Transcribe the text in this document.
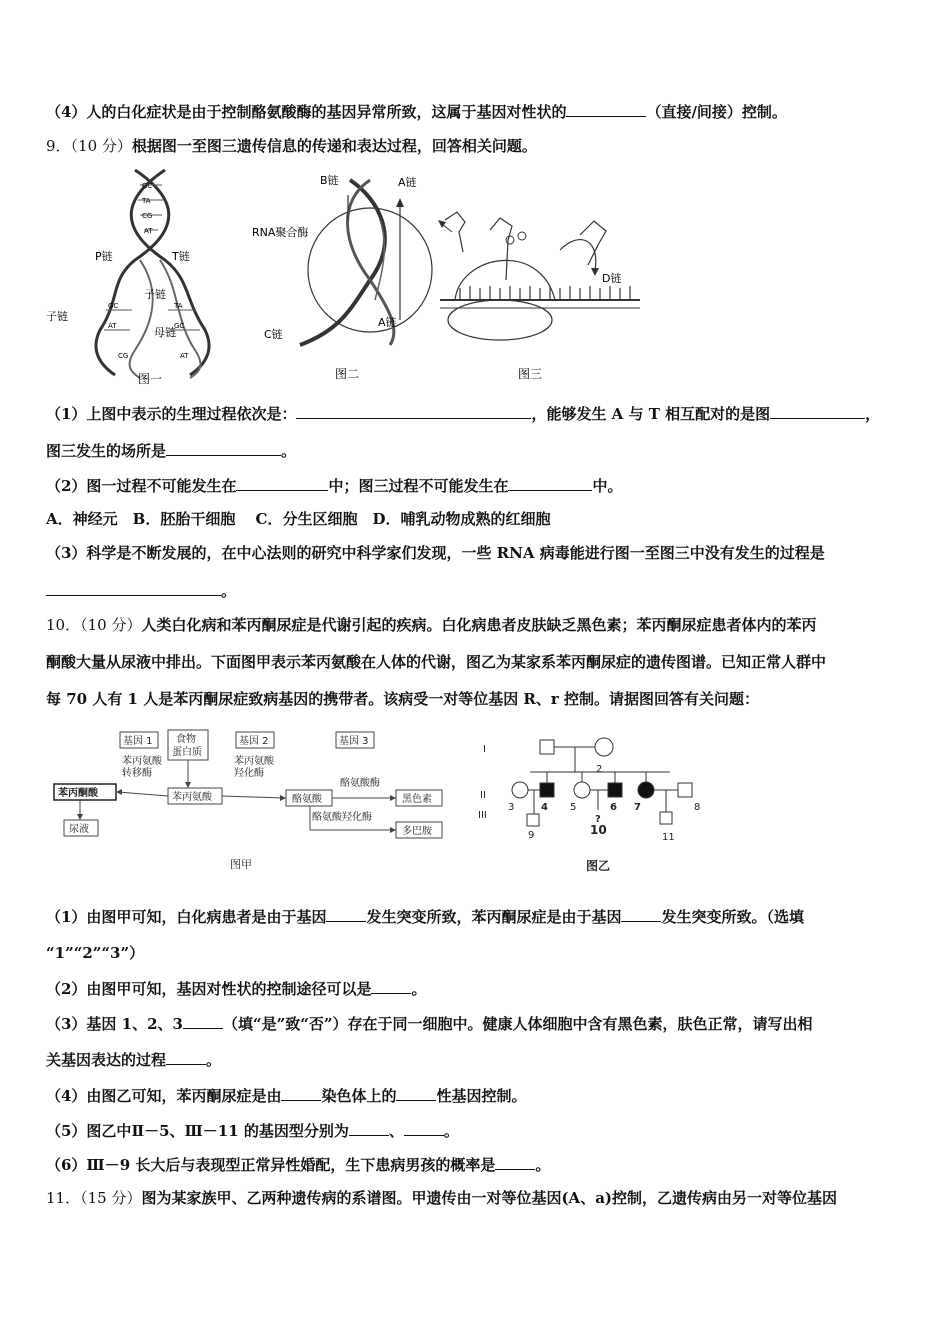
（4）人的白化症状是由于控制酪氨酸酶的基因异常所致，这属于基因对性状的	（直接/间接）控制。
9．（10 分）根据图一至图三遗传信息的传递和表达过程，回答相关问题。
GC
TA
CG
AT
GC
AT
TA
GC
CG	AT
P链	T链
子链
子链
母链
图一
B链	A链
RNA聚合酶
C链
A链
图二
D链
图三
（1）上图中表示的生理过程依次是：	，能够发生 A 与 T 相互配对的是图	，
图三发生的场所是	。
（2）图一过程不可能发生在	中；图三过程不可能发生在	中。
A．神经元　B．胚胎干细胞　 C．分生区细胞　D．哺乳动物成熟的红细胞
（3）科学是不断发展的，在中心法则的研究中科学家们发现，一些 RNA 病毒能进行图一至图三中没有发生的过程是
。
10．（10 分）人类白化病和苯丙酮尿症是代谢引起的疾病。白化病患者皮肤缺乏黑色素；苯丙酮尿症患者体内的苯丙
酮酸大量从尿液中排出。下面图甲表示苯丙氨酸在人体的代谢，图乙为某家系苯丙酮尿症的遗传图谱。已知正常人群中
每 70 人有 1 人是苯丙酮尿症致病基因的携带者。该病受一对等位基因 R、r 控制。请据图回答有关问题：
基因 1 食物
蛋白质
基因 2	基因 3
苯丙氨酸
转移酶
苯丙氨酸
羟化酶
酪氨酸酶
酪氨酸羟化酶
苯丙酮酸	苯丙氨酸	酪氨酸	黑色素
尿液	多巴胺
图甲
I
II
III
2
3	4 5	6 7	8
9
?
10
11
图乙
（1）由图甲可知，白化病患者是由于基因	发生突变所致，苯丙酮尿症是由于基因	发生突变所致。（选填
“1”“2”“3”）
（2）由图甲可知，基因对性状的控制途径可以是	。
（3）基因 1、2、3	（填“是”致“否”）存在于同一细胞中。健康人体细胞中含有黑色素，肤色正常，请写出相
关基因表达的过程	。
（4）由图乙可知，苯丙酮尿症是由	染色体上的	性基因控制。
（5）图乙中Ⅱ－5、Ⅲ－11 的基因型分别为	、	。
（6）Ⅲ－9 长大后与表现型正常异性婚配，生下患病男孩的概率是	。
11．（15 分）图为某家族甲、乙两种遗传病的系谱图。甲遗传由一对等位基因(A、a)控制，乙遗传病由另一对等位基因
